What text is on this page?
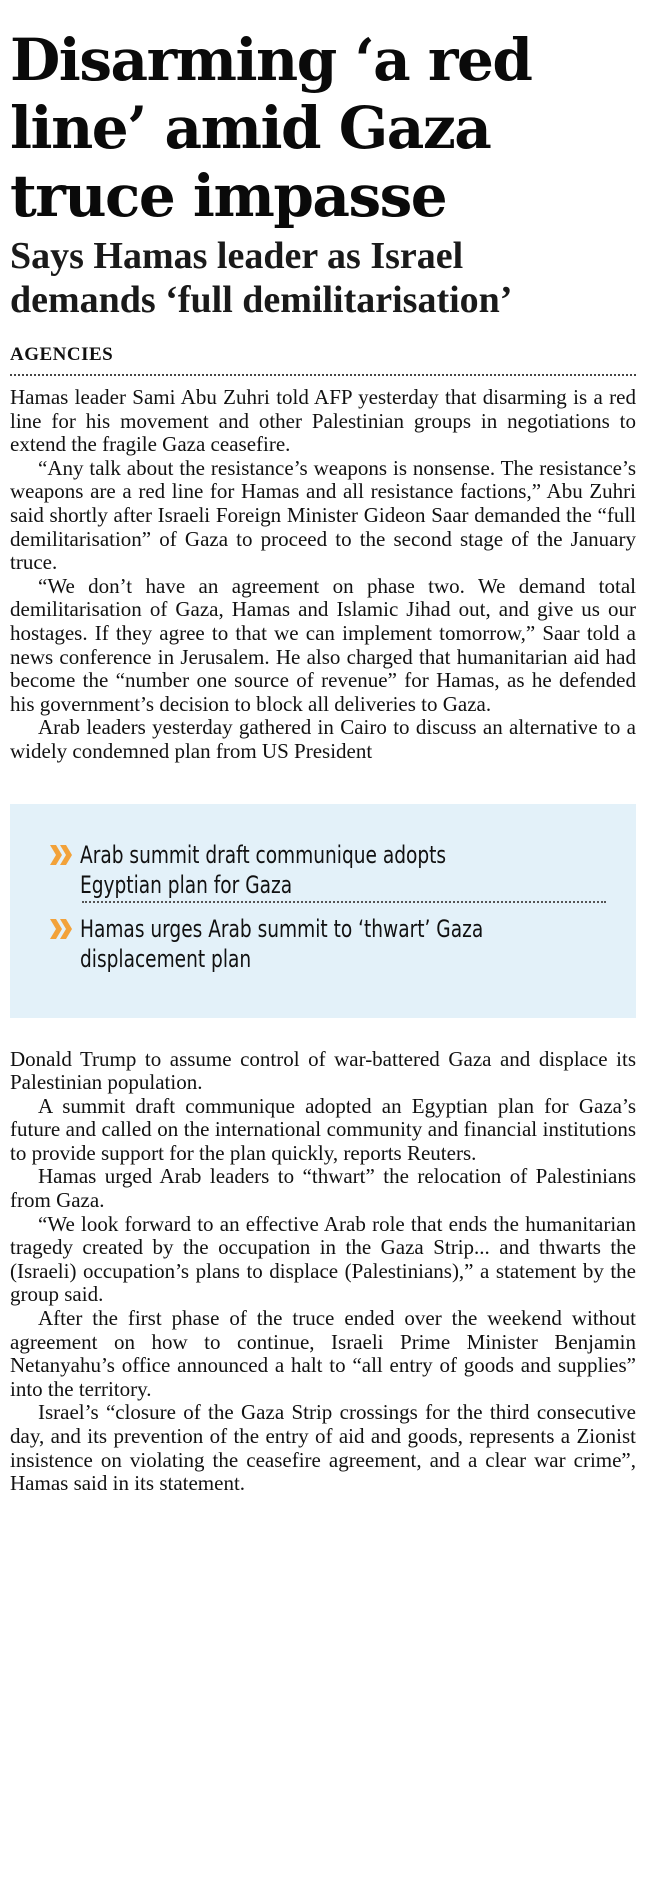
Disarming ‘a red
line’ amid Gaza
truce impasse
Says Hamas leader as Israel
demands ‘full demilitarisation’
AGENCIES

Hamas leader Sami Abu Zuhri told AFP yesterday that disarming is a red line for his movement and other Palestinian groups in negotiations to extend the fragile Gaza ceasefire.

“Any talk about the resistance’s weapons is nonsense. The resistance’s weapons are a red line for Hamas and all resistance factions,” Abu Zuhri said shortly after Israeli Foreign Minister Gideon Saar demanded the “full demilitarisation” of Gaza to proceed to the second stage of the January truce.

“We don’t have an agreement on phase two. We demand total demilitarisation of Gaza, Hamas and Islamic Jihad out, and give us our hostages. If they agree to that we can implement tomorrow,” Saar told a news conference in Jerusalem. He also charged that humanitarian aid had become the “number one source of revenue” for Hamas, as he defended his government’s decision to block all deliveries to Gaza.

Arab leaders yesterday gathered in Cairo to discuss an alternative to a widely condemned plan from US President

Arab summit draft communique adopts Egyptian plan for Gaza
Hamas urges Arab summit to ‘thwart’ Gaza displacement plan

Donald Trump to assume control of war-battered Gaza and displace its Palestinian population.

A summit draft communique adopted an Egyptian plan for Gaza’s future and called on the international community and financial institutions to provide support for the plan quickly, reports Reuters.

Hamas urged Arab leaders to “thwart” the relocation of Palestinians from Gaza.

“We look forward to an effective Arab role that ends the humanitarian tragedy created by the occupation in the Gaza Strip... and thwarts the (Israeli) occupation’s plans to displace (Palestinians),” a statement by the group said.

After the first phase of the truce ended over the weekend without agreement on how to continue, Israeli Prime Minister Benjamin Netanyahu’s office announced a halt to “all entry of goods and supplies” into the territory.

Israel’s “closure of the Gaza Strip crossings for the third consecutive day, and its prevention of the entry of aid and goods, represents a Zionist insistence on violating the ceasefire agreement, and a clear war crime”, Hamas said in its statement.
